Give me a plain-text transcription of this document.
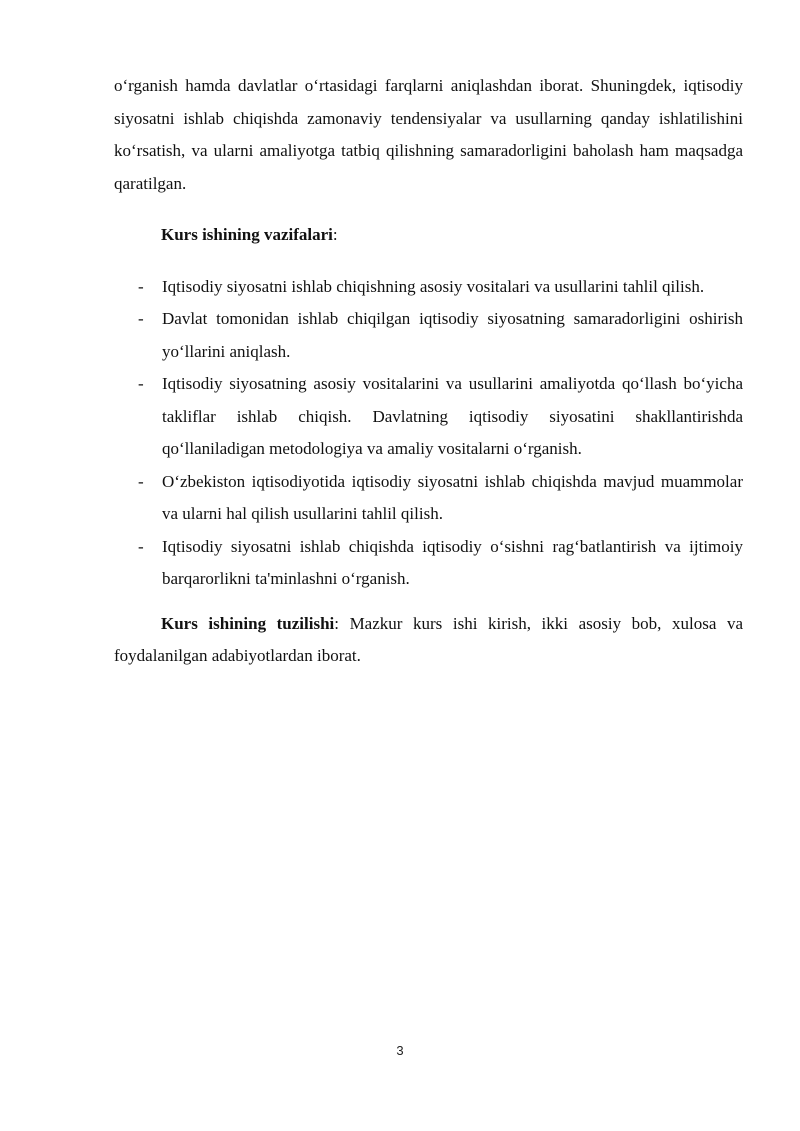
o‘rganish hamda davlatlar o‘rtasidagi farqlarni aniqlashdan iborat. Shuningdek, iqtisodiy siyosatni ishlab chiqishda zamonaviy tendensiyalar va usullarning qanday ishlatilishini ko‘rsatish, va ularni amaliyotga tatbiq qilishning samaradorligini baholash ham maqsadga qaratilgan.

Kurs ishining vazifalari:

- Iqtisodiy siyosatni ishlab chiqishning asosiy vositalari va usullarini tahlil qilish.
- Davlat tomonidan ishlab chiqilgan iqtisodiy siyosatning samaradorligini oshirish yo‘llarini aniqlash.
- Iqtisodiy siyosatning asosiy vositalarini va usullarini amaliyotda qo‘llash bo‘yicha takliflar ishlab chiqish. Davlatning iqtisodiy siyosatini shakllantirishda qo‘llaniladigan metodologiya va amaliy vositalarni o‘rganish.
- O‘zbekiston iqtisodiyotida iqtisodiy siyosatni ishlab chiqishda mavjud muammolar va ularni hal qilish usullarini tahlil qilish.
- Iqtisodiy siyosatni ishlab chiqishda iqtisodiy o‘sishni rag‘batlantirish va ijtimoiy barqarorlikni ta'minlashni o‘rganish.

Kurs ishining tuzilishi: Mazkur kurs ishi kirish, ikki asosiy bob, xulosa va foydalanilgan adabiyotlardan iborat.

3
